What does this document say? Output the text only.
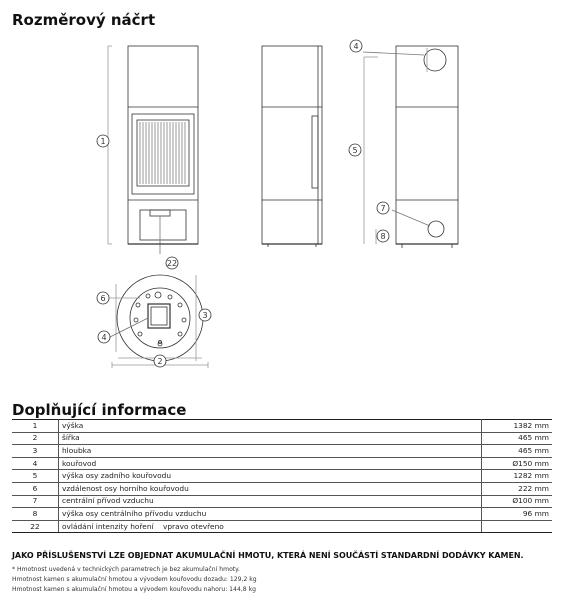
Rozměrový náčrt
1
2
3
4
4
5
6
7
8
22
Doplňující informace
1	výška	1382 mm
2	šířka	465 mm
3	hloubka	465 mm
4	kouřovod	Ø150 mm
5	výška osy zadního kouřovodu	1282 mm
6	vzdálenost osy horního kouřovodu	222 mm
7	centrální přívod vzduchu	Ø100 mm
8	výška osy centrálního přívodu vzduchu	96 mm
22	ovládání intenzity hoření    vpravo otevřeno	
JAKO PŘÍSLUŠENSTVÍ LZE OBJEDNAT AKUMULAČNÍ HMOTU, KTERÁ NENÍ SOUČÁSTÍ STANDARDNÍ DODÁVKY KAMEN.
* Hmotnost uvedená v technických parametrech je bez akumulační hmoty.
Hmotnost kamen s akumulační hmotou a vývodem kouřovodu dozadu: 129,2 kg
Hmotnost kamen s akumulační hmotou a vývodem kouřovodu nahoru: 144,8 kg
